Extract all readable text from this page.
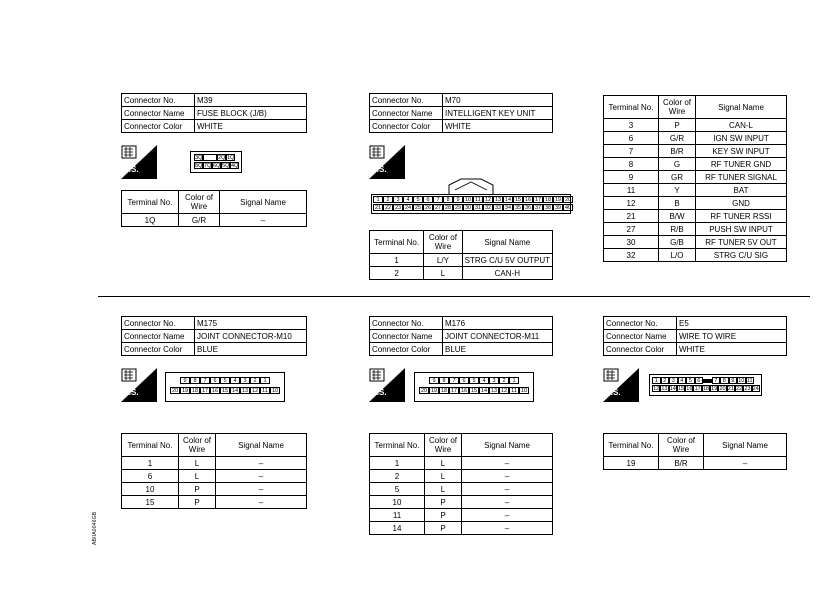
Connector No.	M39
Connector Name	FUSE BLOCK (J/B)
Connector Color	WHITE
H.S.
3Q	2Q 1Q
8Q 7Q 6Q 5Q 4Q
Terminal No.	Color of Wire	Signal Name
1Q	G/R	–
Connector No.	M70
Connector Name	INTELLIGENT KEY UNIT
Connector Color	WHITE
H.S.
1	2	3	4	5	6	7	8	9 10 11 12 13 14 15 16 17 18 19 20
21 22 23 24 25 26 27 28 29 30 31 32 33 34 35 36 37 38 39 40
Terminal No.	Color of Wire	Signal Name
1	L/Y	STRG C/U 5V OUTPUT
2	L	CAN-H
Terminal No.	Color of Wire	Signal Name
3	P	CAN-L
6	G/R	IGN SW INPUT
7	B/R	KEY SW INPUT
8	G	RF TUNER GND
9	GR	RF TUNER SIGNAL
11	Y	BAT
12	B	GND
21	B/W	RF TUNER RSSI
27	R/B	PUSH SW INPUT
30	G/B	RF TUNER 5V OUT
32	L/O	STRG C/U SIG
Connector No.	M175
Connector Name	JOINT CONNECTOR-M10
Connector Color	BLUE
H.S.
9	8	7	6	5	4	3	2	1
20 19 18 17 16 15 14 13 12 11 10
Terminal No.	Color of Wire	Signal Name
1	L	–
6	L	–
10	P	–
15	P	–
Connector No.	M176
Connector Name	JOINT CONNECTOR-M11
Connector Color	BLUE
H.S.
9	8	7	6	5	4	3	2	1
20 19 18 17 16 15 14 13 12 11 10
Terminal No.	Color of Wire	Signal Name
1	L	–
2	L	–
5	L	–
10	P	–
11	P	–
14	P	–
Connector No.	E5
Connector Name	WIRE TO WIRE
Connector Color	WHITE
H.S.
1 2 3 4 5 6	7 8 9 10 11
12 13 14 15 16 17 18 19 20 21 22 23 24
Terminal No.	Color of Wire	Signal Name
19	B/R	–
ABIIA0046GB
